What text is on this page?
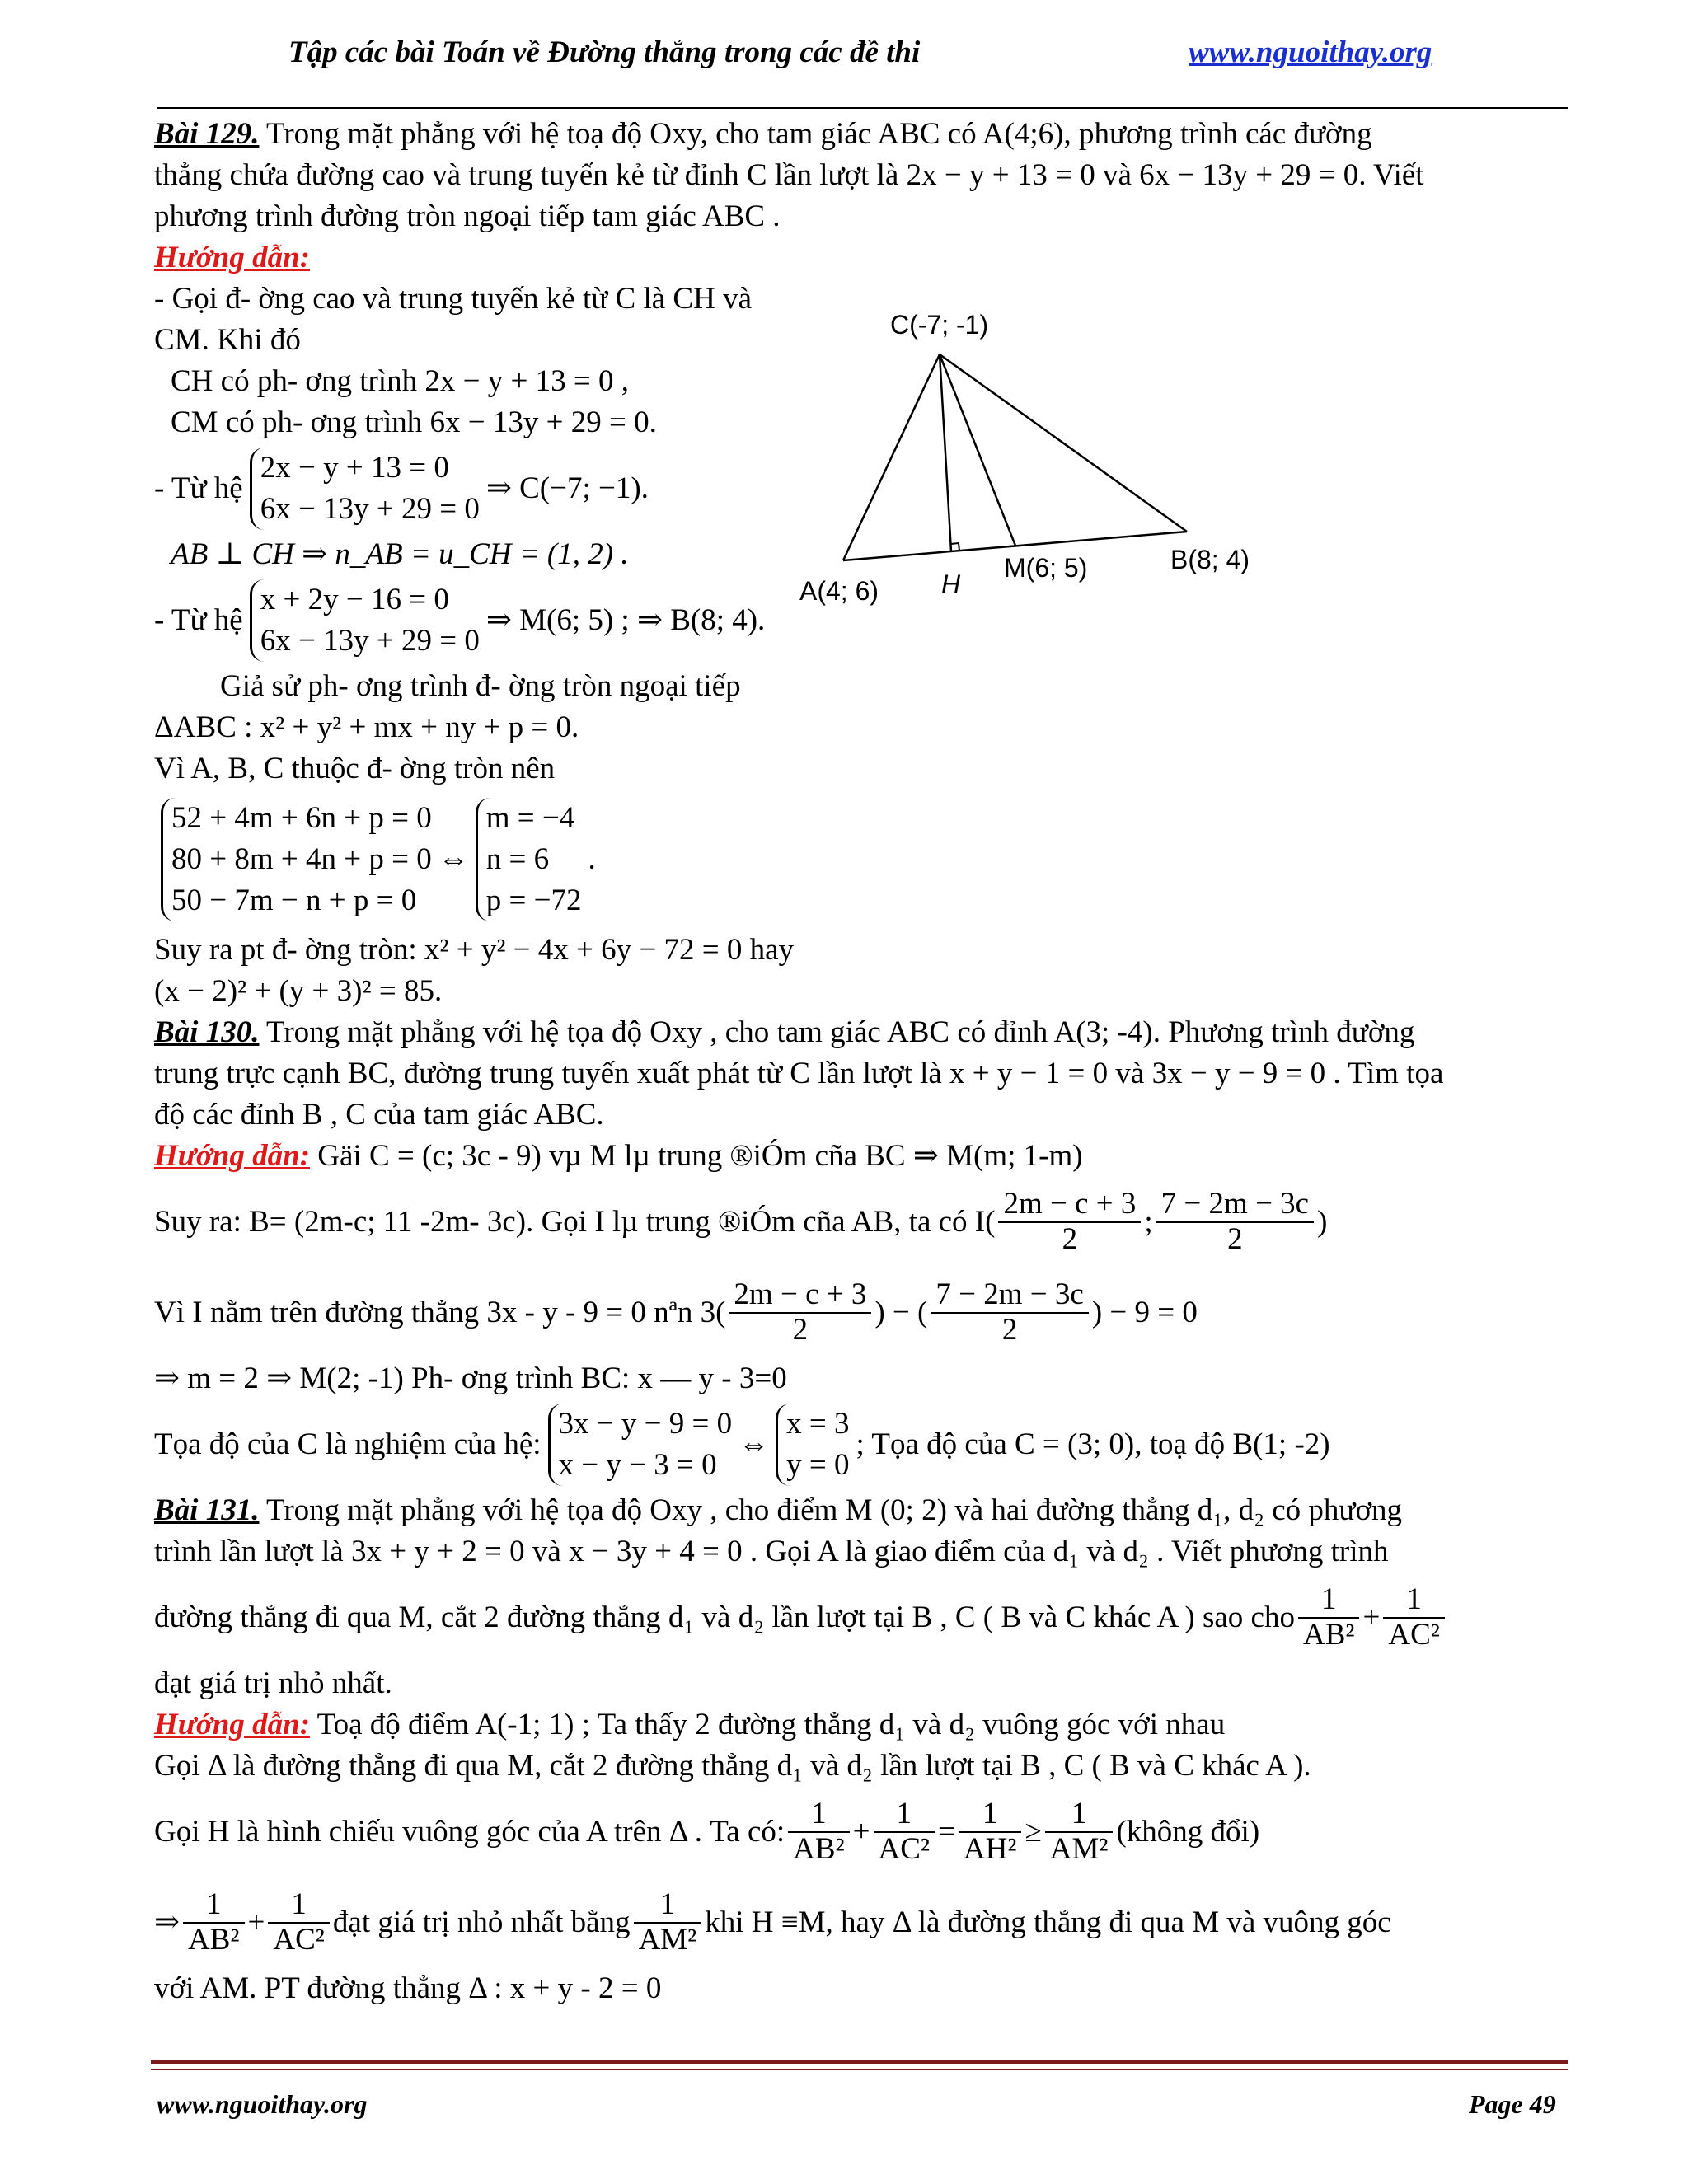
Tập các bài Toán về Đường thẳng trong các đề thi	www.nguoithay.org
C(-7; -1)
A(4; 6) H
M(6; 5)	B(8; 4)
Bài 129. Trong mặt phẳng với hệ toạ độ Oxy, cho tam giác ABC có A(4;6), phương trình các đường
thẳng chứa đường cao và trung tuyến kẻ từ đỉnh C lần lượt là 2x − y + 13 = 0 và 6x − 13y + 29 = 0. Viết
phương trình đường tròn ngoại tiếp tam giác ABC .
Hướng dẫn:
- Gọi đ- ờng cao và trung tuyến kẻ từ C là CH và
CM. Khi đó
CH có ph- ơng trình 2x − y + 13 = 0 ,
CM có ph- ơng trình 6x − 13y + 29 = 0.
- Từ hệ
2x − y + 13 = 0
6x − 13y + 29 = 0
⇒ C(−7; −1).
AB ⊥ CH ⇒ n_AB = u_CH = (1, 2) .
- Từ hệ
x + 2y − 16 = 0
6x − 13y + 29 = 0
⇒ M(6; 5) ; ⇒ B(8; 4).
Giả sử ph- ơng trình đ- ờng tròn ngoại tiếp
ΔABC : x² + y² + mx + ny + p = 0.
Vì A, B, C thuộc đ- ờng tròn nên
52 + 4m + 6n + p = 0
80 + 8m + 4n + p = 0
50 − 7m − n + p = 0
⇔
m = −4
n = 6
p = −72
.
Suy ra pt đ- ờng tròn: x² + y² − 4x + 6y − 72 = 0 hay
(x − 2)² + (y + 3)² = 85.
Bài 130. Trong mặt phẳng với hệ tọa độ Oxy , cho tam giác ABC có đỉnh A(3; -4). Phương trình đường
trung trực cạnh BC, đường trung tuyến xuất phát từ C lần lượt là x + y − 1 = 0 và 3x − y − 9 = 0 . Tìm tọa
độ các đỉnh B , C của tam giác ABC.
Hướng dẫn: Gäi C = (c; 3c - 9) vµ M lµ trung ®iÓm cña BC ⇒ M(m; 1-m)
Suy ra: B= (2m-c; 11 -2m- 3c). Gọi I lµ trung ®iÓm cña AB, ta có $I( \frac{2m - c + 3}{2}$ ; $\frac{7 - 2m - 3c}{2}$ )
Vì I nằm trên đường thẳng 3x - y - 9 = 0 nªn $3( \frac{2m - c + 3}{2}$ ) − ( $\frac{7 - 2m - 3c}{2}$ ) − 9 = 0
⇒ m = 2 ⇒ M(2; -1) Ph- ơng trình BC: x — y - 3=0
Tọa độ của C là nghiệm của hệ:
3x − y − 9 = 0
x − y − 3 = 0
⇔
x = 3
y = 0
; Tọa độ của C = (3; 0), toạ độ B(1; -2)
Bài 131. Trong mặt phẳng với hệ tọa độ Oxy , cho điểm M (0; 2) và hai đường thẳng d₁, d₂ có phương
trình lần lượt là 3x + y + 2 = 0 và x − 3y + 4 = 0 . Gọi A là giao điểm của d₁ và d₂ . Viết phương trình
đường thẳng đi qua M, cắt 2 đường thẳng d₁ và d₂ lần lượt tại B , C ( B và C khác A ) sao cho $\frac{1}{\text{AB²}} + \frac{1}{\text{AC²}}$
đạt giá trị nhỏ nhất.
Hướng dẫn: Toạ độ điểm A(-1; 1) ; Ta thấy 2 đường thẳng d₁ và d₂ vuông góc với nhau
Gọi Δ là đường thẳng đi qua M, cắt 2 đường thẳng d₁ và d₂ lần lượt tại B , C ( B và C khác A ).
Gọi H là hình chiếu vuông góc của A trên Δ . Ta có: $\frac{1}{\text{AB²}} + \frac{1}{\text{AC²}} = \frac{1}{\text{AH²}} \ge \frac{1}{\text{AM²}}$ (không đổi)
⇒ $\frac{1}{\text{AB²}} + \frac{1}{\text{AC²}}$ đạt giá trị nhỏ nhất bằng $\frac{1}{\text{AM²}}$ khi H ≡M, hay Δ là đường thẳng đi qua M và vuông góc
với AM. PT đường thẳng Δ : x + y - 2 = 0
www.nguoithay.org	Page 49
